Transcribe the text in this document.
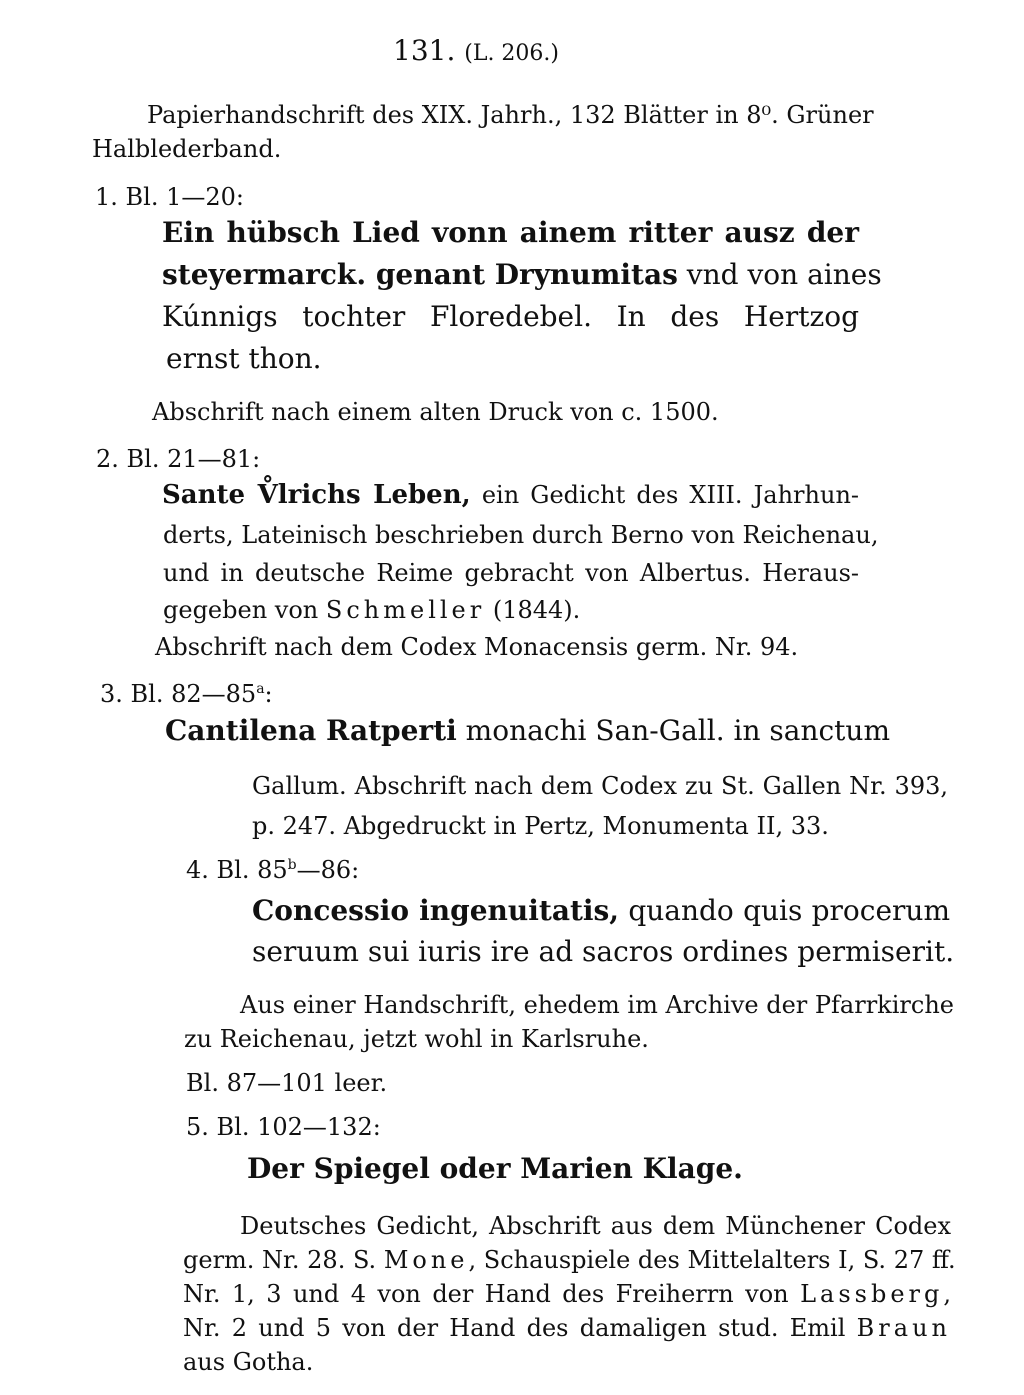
131. (L. 206.)
Papierhandschrift des XIX. Jahrh., 132 Blätter in 8⁰. Grüner
Halblederband.
1. Bl. 1—20:
Ein hübsch Lied vonn ainem ritter ausz der
steyermarck. genant Drynumitas vnd von aines
Kúnnigs tochter Floredebel. In des Hertzog
ernst thon.
Abschrift nach einem alten Druck von c. 1500.
2. Bl. 21—81:
Sante V̊lrichs Leben, ein Gedicht des XIII. Jahrhun-
derts, Lateinisch beschrieben durch Berno von Reichenau,
und in deutsche Reime gebracht von Albertus. Heraus-
gegeben von Schmeller (1844).
Abschrift nach dem Codex Monacensis germ. Nr. 94.
3. Bl. 82—85$^a$:
Cantilena Ratperti monachi San-Gall. in sanctum
Gallum. Abschrift nach dem Codex zu St. Gallen Nr. 393,
p. 247. Abgedruckt in Pertz, Monumenta II, 33.
4. Bl. 85$^b$—86:
Concessio ingenuitatis, quando quis procerum
seruum sui iuris ire ad sacros ordines permiserit.
Aus einer Handschrift, ehedem im Archive der Pfarrkirche
zu Reichenau, jetzt wohl in Karlsruhe.
Bl. 87—101 leer.
5. Bl. 102—132:
Der Spiegel oder Marien Klage.
Deutsches Gedicht, Abschrift aus dem Münchener Codex
germ. Nr. 28. S. Mone, Schauspiele des Mittelalters I, S. 27 ff.
Nr. 1, 3 und 4 von der Hand des Freiherrn von Lassberg,
Nr. 2 und 5 von der Hand des damaligen stud. Emil Braun
aus Gotha.
